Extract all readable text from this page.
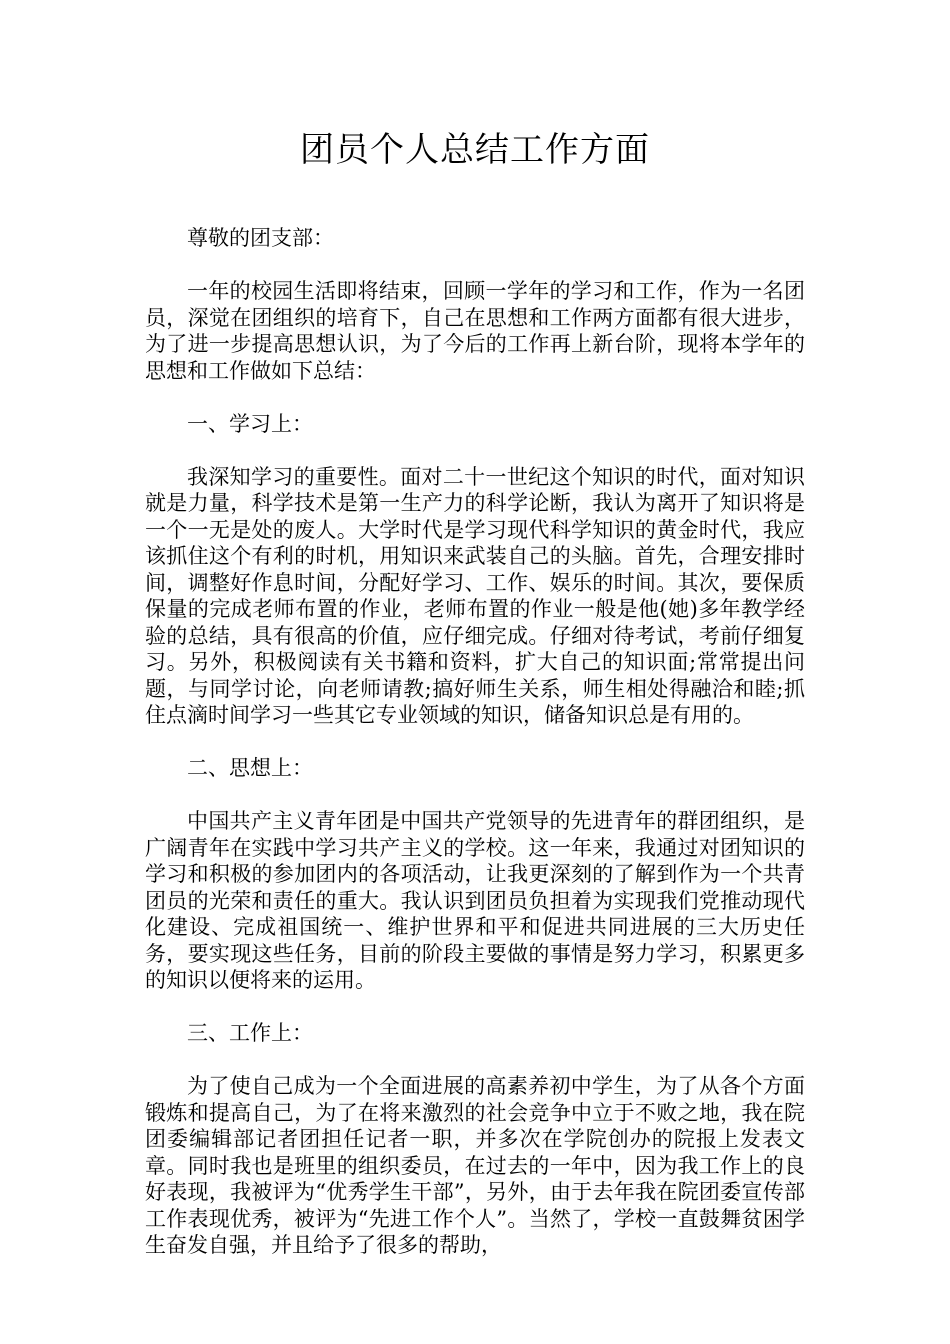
团员个人总结工作方面

尊敬的团支部：

一年的校园生活即将结束，回顾一学年的学习和工作，作为一名团员，深觉在团组织的培育下，自己在思想和工作两方面都有很大进步，为了进一步提高思想认识，为了今后的工作再上新台阶，现将本学年的思想和工作做如下总结：

一、学习上：

我深知学习的重要性。面对二十一世纪这个知识的时代，面对知识就是力量，科学技术是第一生产力的科学论断，我认为离开了知识将是一个一无是处的废人。大学时代是学习现代科学知识的黄金时代，我应该抓住这个有利的时机，用知识来武装自己的头脑。首先，合理安排时间，调整好作息时间，分配好学习、工作、娱乐的时间。其次，要保质保量的完成老师布置的作业，老师布置的作业一般是他(她)多年教学经验的总结，具有很高的价值，应仔细完成。仔细对待考试，考前仔细复习。另外，积极阅读有关书籍和资料，扩大自己的知识面;常常提出问题，与同学讨论，向老师请教;搞好师生关系，师生相处得融洽和睦;抓住点滴时间学习一些其它专业领域的知识，储备知识总是有用的。

二、思想上：

中国共产主义青年团是中国共产党领导的先进青年的群团组织，是广阔青年在实践中学习共产主义的学校。这一年来，我通过对团知识的学习和积极的参加团内的各项活动，让我更深刻的了解到作为一个共青团员的光荣和责任的重大。我认识到团员负担着为实现我们党推动现代化建设、完成祖国统一、维护世界和平和促进共同进展的三大历史任务，要实现这些任务，目前的阶段主要做的事情是努力学习，积累更多的知识以便将来的运用。

三、工作上：

为了使自己成为一个全面进展的高素养初中学生，为了从各个方面锻炼和提高自己，为了在将来激烈的社会竞争中立于不败之地，我在院团委编辑部记者团担任记者一职，并多次在学院创办的院报上发表文章。同时我也是班里的组织委员，在过去的一年中，因为我工作上的良好表现，我被评为“优秀学生干部”，另外，由于去年我在院团委宣传部工作表现优秀，被评为“先进工作个人”。当然了，学校一直鼓舞贫困学生奋发自强，并且给予了很多的帮助，
